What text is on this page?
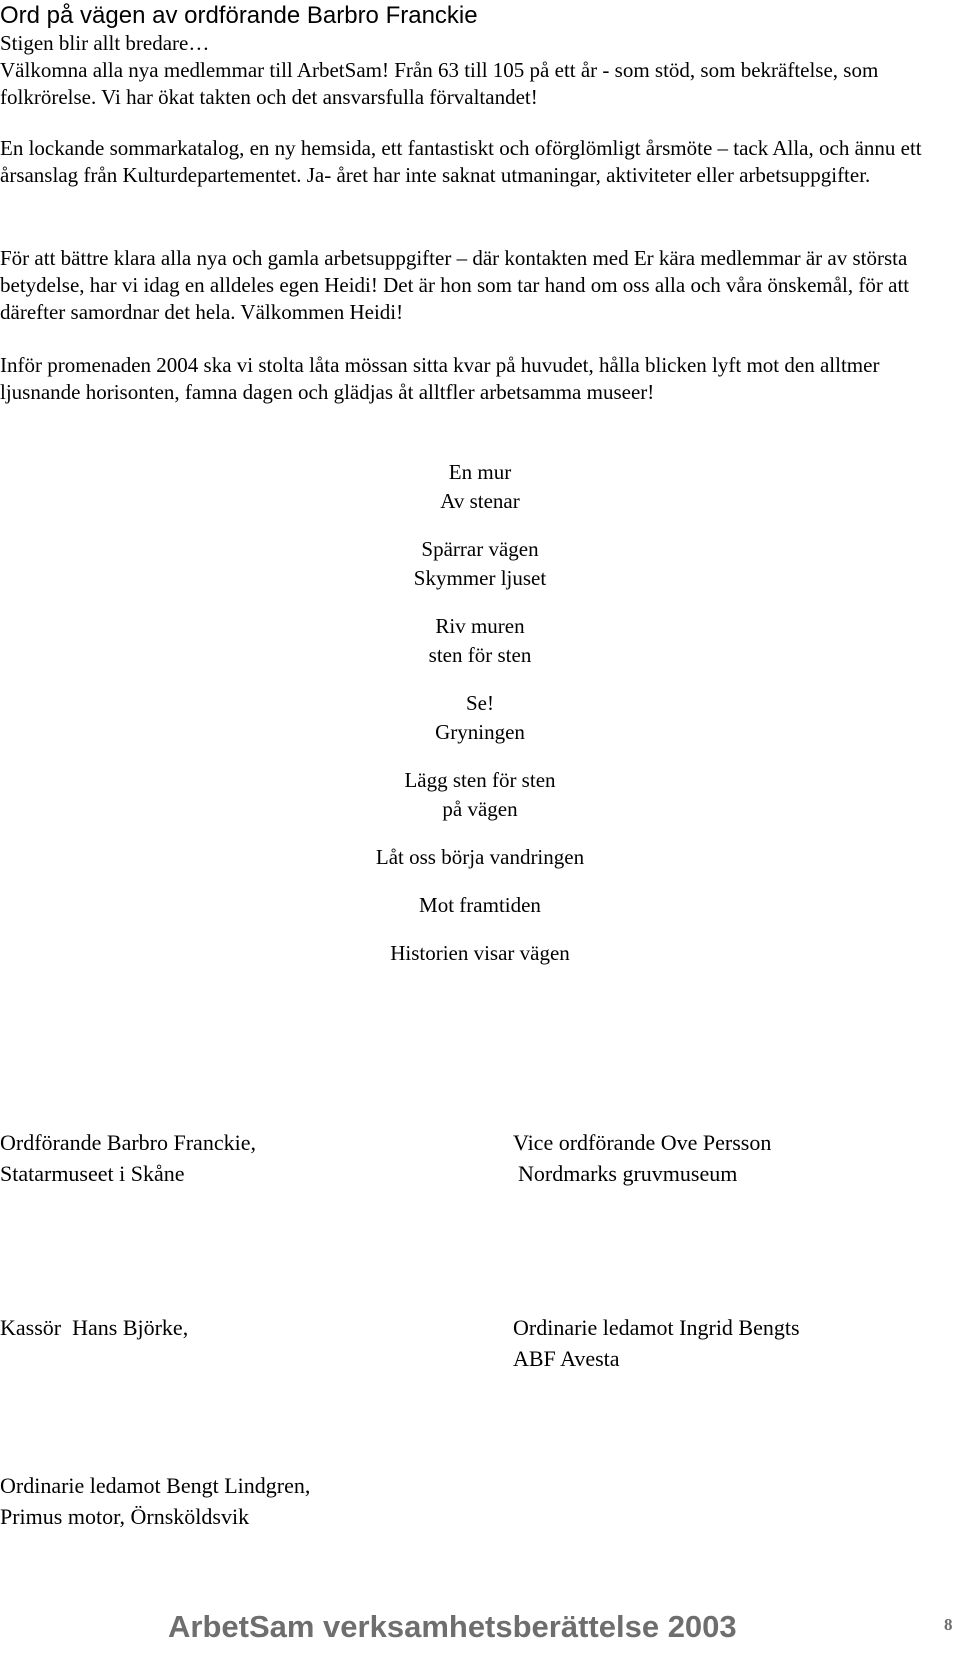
Ord på vägen av ordförande Barbro Franckie

Stigen blir allt bredare…

Välkomna alla nya medlemmar till ArbetSam! Från 63 till 105 på ett år - som stöd, som bekräftelse, som folkrörelse. Vi har ökat takten och det ansvarsfulla förvaltandet!

En lockande sommarkatalog, en ny hemsida, ett fantastiskt och oförglömligt årsmöte – tack Alla, och ännu ett årsanslag från Kulturdepartementet. Ja- året har inte saknat utmaningar, aktiviteter eller arbetsuppgifter.
För att bättre klara alla nya och gamla arbetsuppgifter – där kontakten med Er kära medlemmar är av största betydelse, har vi idag en alldeles egen Heidi! Det är hon som tar hand om oss alla och våra önskemål, för att därefter samordnar det hela. Välkommen Heidi!
Inför promenaden 2004 ska vi stolta låta mössan sitta kvar på huvudet, hålla blicken lyft mot den alltmer ljusnande horisonten, famna dagen och glädjas åt alltfler arbetsamma museer!
En mur
Av stenar
Spärrar vägen
Skymmer ljuset
Riv muren
sten för sten
Se!
Gryningen
Lägg sten för sten
på vägen
Låt oss börja vandringen
Mot framtiden
Historien visar vägen
Ordförande Barbro Franckie,
Statarmuseet i Skåne
Vice ordförande Ove Persson
Nordmarks gruvmuseum
Kassör  Hans Björke,	Ordinarie ledamot Ingrid Bengts
ABF Avesta
Ordinarie ledamot Bengt Lindgren,
Primus motor, Örnsköldsvik
ArbetSam verksamhetsberättelse 2003	8
